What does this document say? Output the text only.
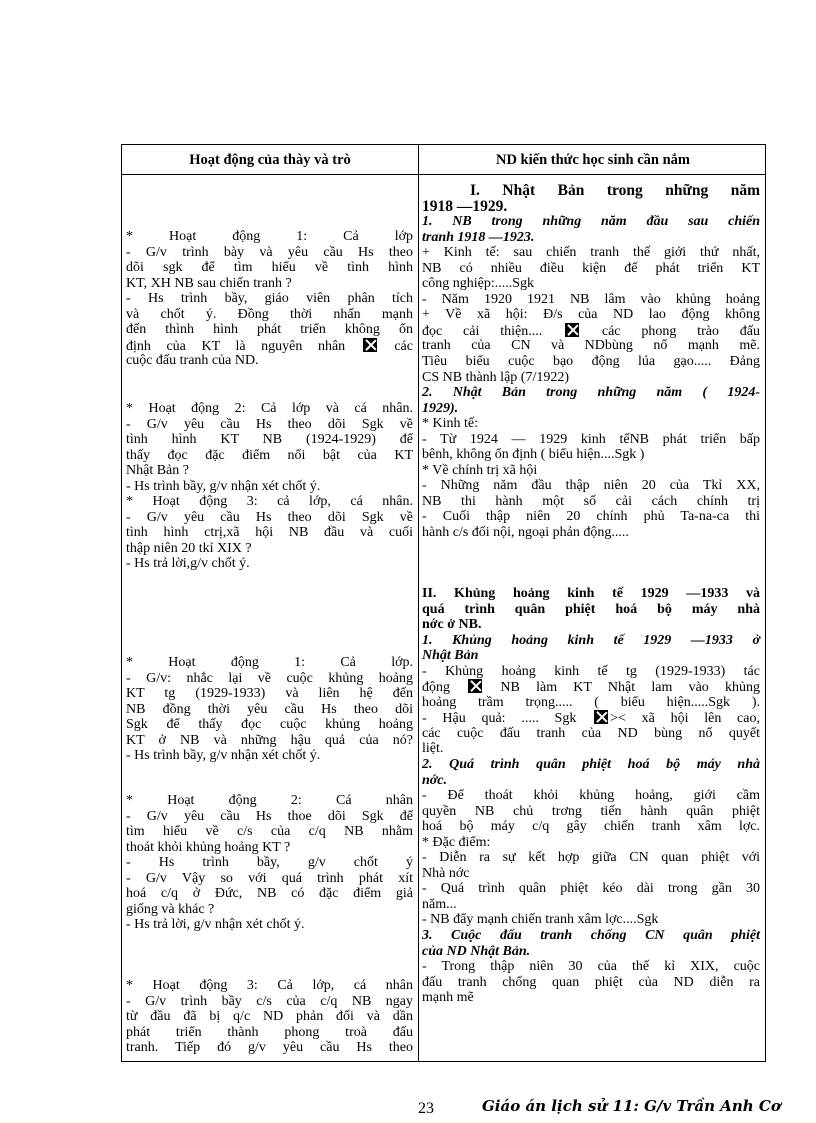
Hoạt động của thày và trò	ND kiến thức học sinh cần nắm
* Hoạt động 1: Cả lớp
- G/v trình bày và yêu cầu Hs theo
dõi sgk để tìm hiểu về tình hình
KT, XH NB sau chiến tranh ?
- Hs trình bầy, giáo viên phân tích
và chốt ý. Đồng thời nhấn mạnh
đến thình hình phát triển không ổn
định của KT là nguyên nhân  các
cuộc đấu tranh của ND.
* Hoạt động 2: Cả lớp và cá nhân.
- G/v yêu cầu Hs theo dõi Sgk về
tình hình KT NB (1924-1929) để
thấy đọc đặc điểm nổi bật của KT
Nhật Bản ?
- Hs trình bầy, g/v nhận xét chốt ý.
* Hoạt động 3: cả lớp, cá nhân.
- G/v yêu cầu Hs theo dõi Sgk về
tình hình ctrị,xã hội NB đầu và cuối
thập niên 20 tkỉ XIX ?
- Hs trả lời,g/v chốt ý.
* Hoạt động 1: Cả lớp.
- G/v: nhắc lại về cuộc khủng hoảng
KT tg (1929-1933) và liên hệ đến
NB đồng thời yêu cầu Hs theo dõi
Sgk để thấy đọc cuộc khủng hoảng
KT ở NB và những hậu quả của nó?
- Hs trình bầy, g/v nhận xét chốt ý.
* Hoạt động 2: Cá nhân
- G/v yêu cầu Hs thoe dõi Sgk để
tìm hiểu về c/s của c/q NB nhằm
thoát khỏi khủng hoảng KT ?
- Hs trình bầy, g/v chốt ý
- G/v Vậy so với quá trình phát xít
hoá c/q ở Đức, NB có đặc điểm giả
giống và khác ?
- Hs trả lời, g/v nhận xét chốt ý.
* Hoạt động 3: Cả lớp, cá nhân
- G/v trình bầy c/s của c/q NB ngay
từ đầu đã bị q/c ND phản đối và dần
phát triển thành phong troà đấu
tranh. Tiếp đó g/v yêu cầu Hs theo
I. Nhật Bản trong những năm
1918 —1929.
1. NB trong những năm đầu sau chiến
tranh 1918 —1923.
+ Kinh tế: sau chiến tranh thế giới thứ nhất,
NB có nhiều điều kiện để phát triển KT
công nghiệp:.....Sgk
- Năm 1920 1921 NB lâm vào khủng hoảng
+ Về xã hội: Đ/s của ND lao động không
đọc cải thiện....  các phong trào đấu
tranh của CN và NDbùng nổ mạnh mẽ.
Tiêu biểu cuộc bạo động lúa gạo..... Đảng
CS NB thành lập (7/1922)
2. Nhật Bản trong những năm ( 1924-
1929).
* Kinh tế:
- Từ 1924 — 1929 kinh tếNB phát triển bấp
bênh, không ổn định ( biểu hiện....Sgk )
* Về chính trị xã hội
- Những năm đầu thập niên 20 của Tkỉ XX,
NB thi hành một số cải cách chính trị
- Cuối thập niên 20 chính phủ Ta-na-ca thi
hành c/s đối nội, ngoại phản động.....
II. Khủng hoảng kinh tế 1929 —1933 và
quá trình quân phiệt hoá bộ máy nhà
nớc ở NB.
1. Khủng hoảng kinh tế 1929 —1933 ở
Nhật Bản
- Khủng hoảng kinh tế tg (1929-1933) tác
động  NB làm KT Nhật lam vào khủng
hoảng trầm trọng..... ( biểu hiện.....Sgk ).
- Hậu quả: ..... Sgk >< xã hội lên cao,
các cuộc đấu tranh của ND bùng nổ quyết
liệt.
2. Quá trình quân phiệt hoá bộ máy nhà
nớc.
- Để thoát khỏi khủng hoảng, giới cầm
quyền NB chủ trơng tiến hành quân phiệt
hoá bộ máy c/q gây chiến tranh xâm lợc.
* Đặc điểm:
- Diễn ra sự kết hợp giữa CN quan phiệt với
Nhà nớc
- Quá trình quân phiệt kéo dài trong gần 30
năm...
- NB đẩy mạnh chiến tranh xâm lợc....Sgk
3. Cuộc đấu tranh chống CN quân phiệt
của ND Nhật Bản.
- Trong thập niên 30 của thế kỉ XIX, cuộc
đấu tranh chống quan phiệt của ND diễn ra
mạnh mẽ
23	Giáo án lịch sử 11: G/v Trần Anh Cơ
